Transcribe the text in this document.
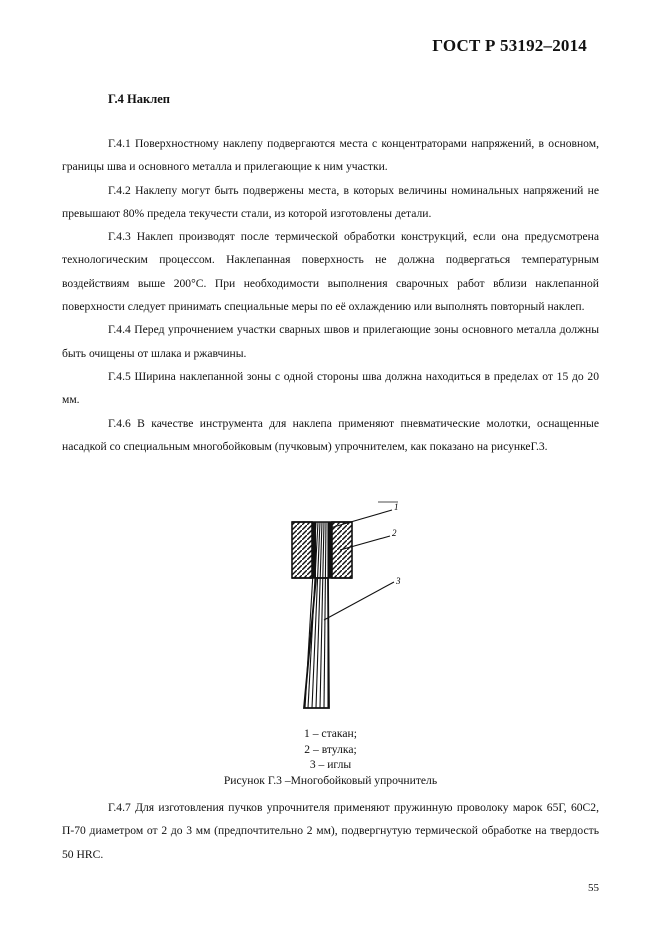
ГОСТ Р 53192–2014
Г.4 Наклеп

Г.4.1 Поверхностному наклепу подвергаются места с концентраторами напряжений, в основном, границы шва и основного металла и прилегающие к ним участки.

Г.4.2 Наклепу могут быть подвержены места, в которых величины номинальных напряжений не превышают 80% предела текучести стали, из которой изготовлены детали.

Г.4.3 Наклеп производят после термической обработки конструкций, если она предусмотрена технологическим процессом. Наклепанная поверхность не должна подвергаться температурным воздействиям выше 200°С. При необходимости выполнения сварочных работ вблизи наклепанной поверхности следует принимать специальные меры по её охлаждению или выполнять повторный наклеп.

Г.4.4 Перед упрочнением участки сварных швов и прилегающие зоны основного металла должны быть очищены от шлака и ржавчины.

Г.4.5 Ширина наклепанной зоны с одной стороны шва должна находиться в пределах от 15 до 20 мм.

Г.4.6 В качестве инструмента для наклепа применяют пневматические молотки, оснащенные насадкой со специальным многобойковым (пучковым) упрочнителем, как показано на рисункеГ.3.

1
2
3
1 – стакан;
2 – втулка;
3 – иглы
Рисунок Г.3 –Многобойковый упрочнитель

Г.4.7 Для изготовления пучков упрочнителя применяют пружинную проволоку марок 65Г, 60С2, П-70 диаметром от 2 до 3 мм (предпочтительно 2 мм), подвергнутую термической обработке на твердость 50 HRC.

55
